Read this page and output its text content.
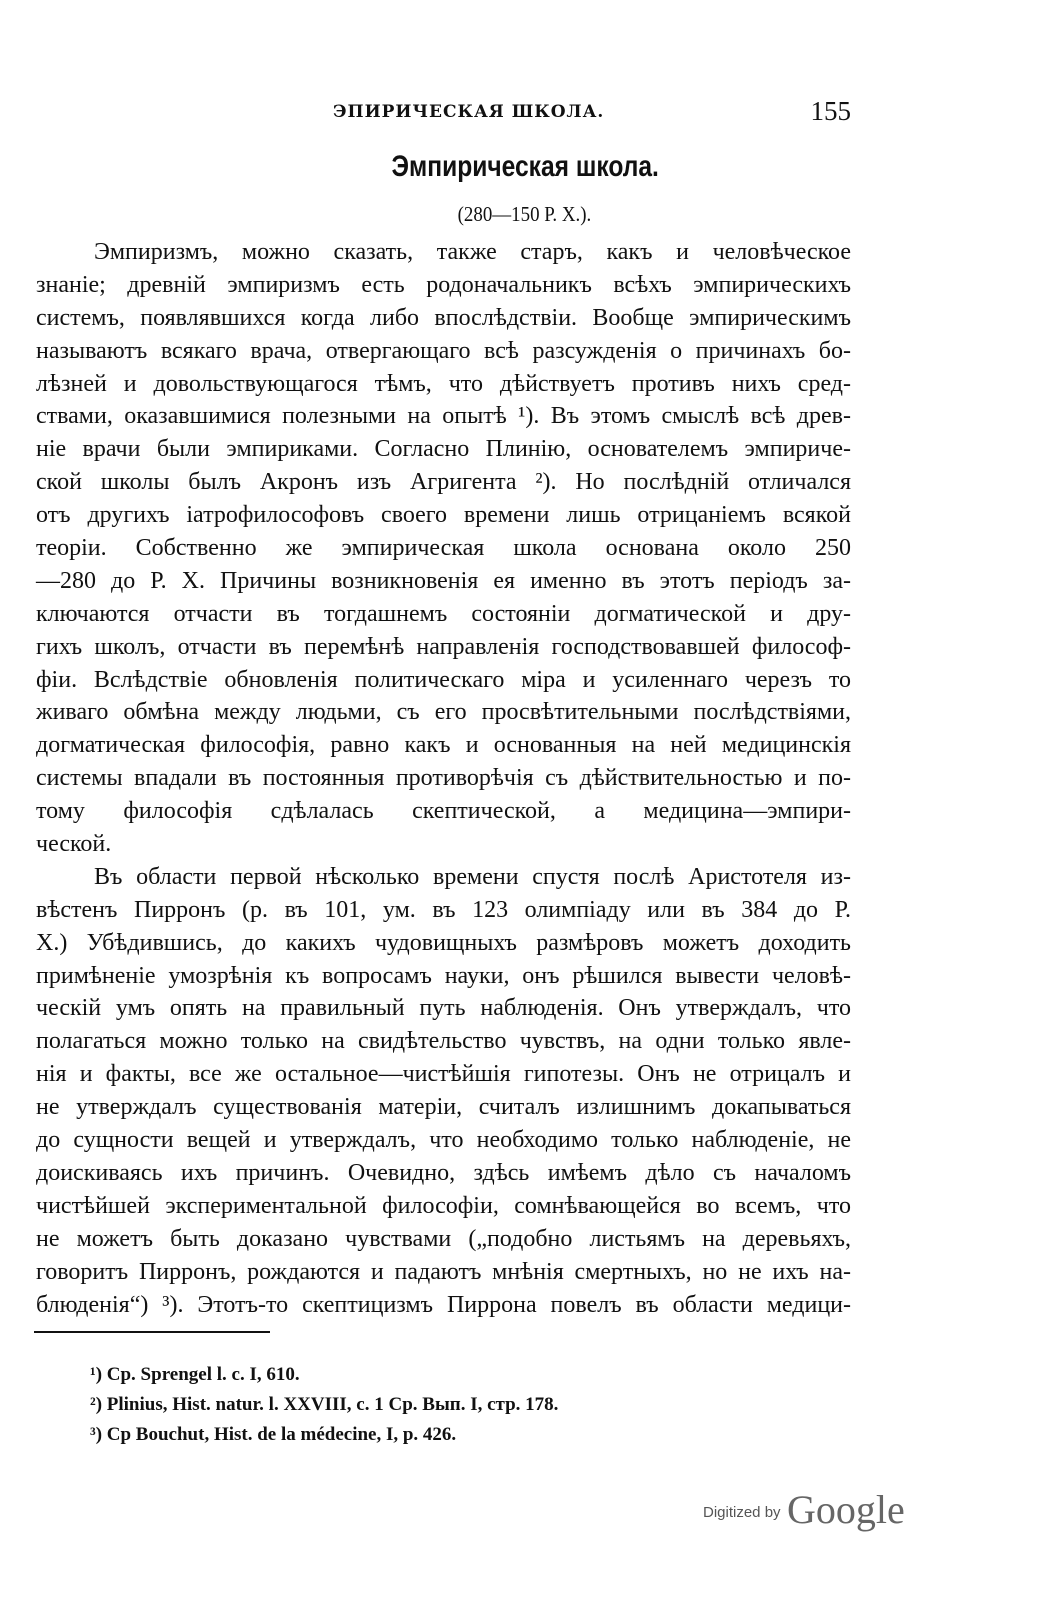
ЭПИРИЧЕСКАЯ ШКОЛА.	155
Эмпирическая школа.
(280—150 Р. X.).
Эмпиризмъ, можно сказать, также старъ, какъ и человѣческое
знаніе; древній эмпиризмъ есть родоначальникъ всѣхъ эмпирическихъ
системъ, появлявшихся когда либо впослѣдствіи. Вообще эмпирическимъ
называютъ всякаго врача, отвергающаго всѣ разсужденія о причинахъ бо-
лѣзней и довольствующагося тѣмъ, что дѣйствуетъ противъ нихъ сред-
ствами, оказавшимися полезными на опытѣ ¹). Въ этомъ смыслѣ всѣ древ-
ніе врачи были эмпириками. Согласно Плинію, основателемъ эмпириче-
ской школы былъ Акронъ изъ Агригента ²). Но послѣдній отличался
отъ другихъ іатрофилософовъ своего времени лишь отрицаніемъ всякой
теоріи. Собственно же эмпирическая школа основана около 250
—280 до Р. Х. Причины возникновенія ея именно въ этотъ періодъ за-
ключаются отчасти въ тогдашнемъ состояніи догматической и дру-
гихъ школъ, отчасти въ перемѣнѣ направленія господствовавшей философ-
фіи. Вслѣдствіе обновленія политическаго міра и усиленнаго черезъ то
живаго обмѣна между людьми, съ его просвѣтительными послѣдствіями,
догматическая философія, равно какъ и основанныя на ней медицинскія
системы впадали въ постоянныя противорѣчія съ дѣйствительностью и по-
тому философія сдѣлалась скептической, а медицина—эмпири-
ческой.
Въ области первой нѣсколько времени спустя послѣ Аристотеля из-
вѣстенъ Пирронъ (р. въ 101, ум. въ 123 олимпіаду или въ 384 до Р.
Х.) Убѣдившись, до какихъ чудовищныхъ размѣровъ можетъ доходить
примѣненіе умозрѣнія къ вопросамъ науки, онъ рѣшился вывести человѣ-
ческій умъ опять на правильный путь наблюденія. Онъ утверждалъ, что
полагаться можно только на свидѣтельство чувствъ, на одни только явле-
нія и факты, все же остальное—чистѣйшія гипотезы. Онъ не отрицалъ и
не утверждалъ существованія матеріи, считалъ излишнимъ докапываться
до сущности вещей и утверждалъ, что необходимо только наблюденіе, не
доискиваясь ихъ причинъ. Очевидно, здѣсь имѣемъ дѣло съ началомъ
чистѣйшей экспериментальной философіи, сомнѣвающейся во всемъ, что
не можетъ быть доказано чувствами („подобно листьямъ на деревьяхъ,
говоритъ Пирронъ, рождаются и падаютъ мнѣнія смертныхъ, но не ихъ на-
блюденія“) ³). Этотъ-то скептицизмъ Пиррона повелъ въ области медици-
¹) Cp. Sprengel l. c. I, 610.
²) Plinius, Hist. natur. l. XXVIII, c. 1 Cp. Вып. I, стр. 178.
³) Cp Bouchut, Hist. de la médecine, I, p. 426.
Digitized by Google
